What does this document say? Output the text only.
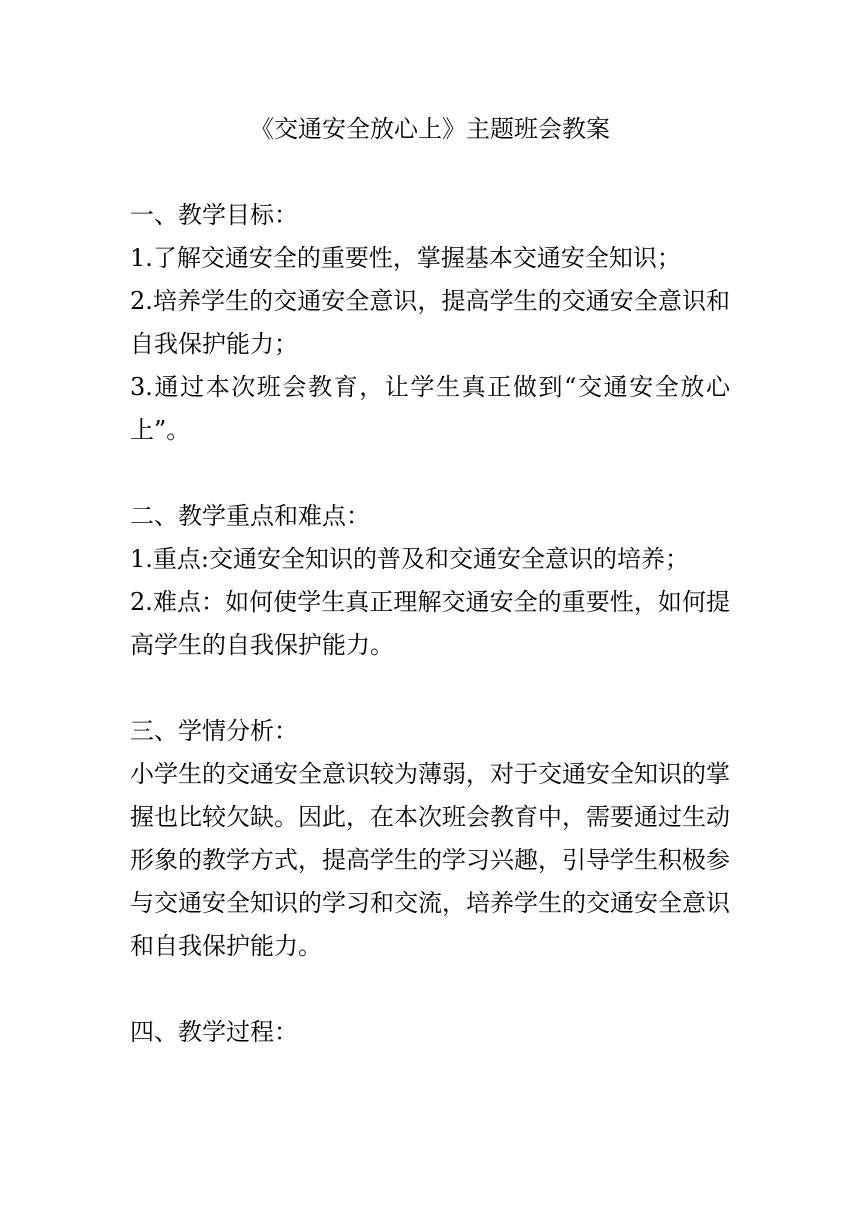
《交通安全放心上》主题班会教案
一、教学目标：
1.了解交通安全的重要性，掌握基本交通安全知识；
2.培养学生的交通安全意识，提高学生的交通安全意识和自我保护能力；
3.通过本次班会教育，让学生真正做到“交通安全放心上”。
二、教学重点和难点：
1.重点:交通安全知识的普及和交通安全意识的培养；
2.难点：如何使学生真正理解交通安全的重要性，如何提高学生的自我保护能力。
三、学情分析：
小学生的交通安全意识较为薄弱，对于交通安全知识的掌握也比较欠缺。因此，在本次班会教育中，需要通过生动形象的教学方式，提高学生的学习兴趣，引导学生积极参与交通安全知识的学习和交流，培养学生的交通安全意识和自我保护能力。
四、教学过程：
